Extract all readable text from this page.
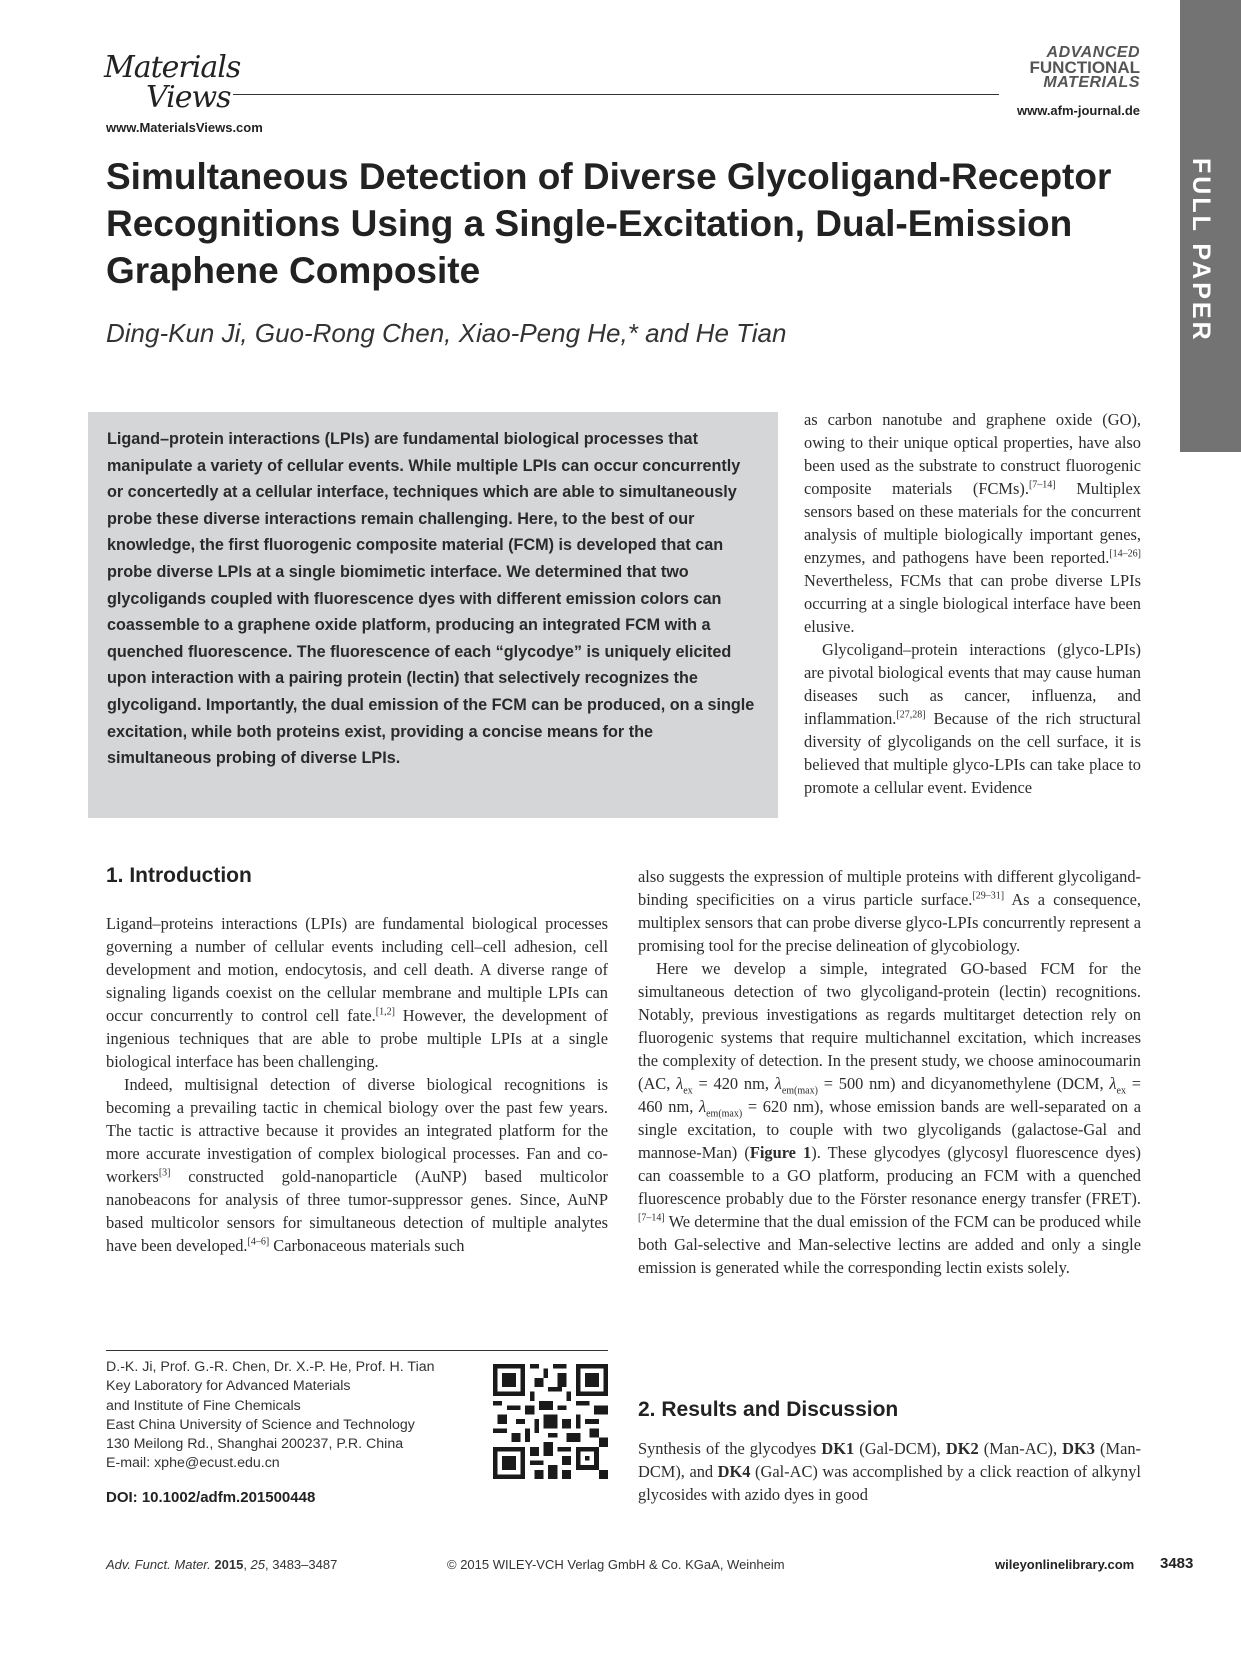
Materials
Views
www.MaterialsViews.com
ADVANCED
FUNCTIONAL
MATERIALS
www.afm-journal.de
FULL PAPER
Simultaneous Detection of Diverse Glycoligand-Receptor Recognitions Using a Single-Excitation, Dual-Emission Graphene Composite
Ding-Kun Ji, Guo-Rong Chen, Xiao-Peng He,* and He Tian
Ligand–protein interactions (LPIs) are fundamental biological processes that manipulate a variety of cellular events. While multiple LPIs can occur concurrently or concertedly at a cellular interface, techniques which are able to simultaneously probe these diverse interactions remain challenging. Here, to the best of our knowledge, the first fluorogenic composite material (FCM) is developed that can probe diverse LPIs at a single biomimetic interface. We determined that two glycoligands coupled with fluorescence dyes with different emission colors can coassemble to a graphene oxide platform, producing an integrated FCM with a quenched fluorescence. The fluorescence of each “glycodye” is uniquely elicited upon interaction with a pairing protein (lectin) that selectively recognizes the glycoligand. Importantly, the dual emission of the FCM can be produced, on a single excitation, while both proteins exist, providing a concise means for the simultaneous probing of diverse LPIs.

as carbon nanotube and graphene oxide (GO), owing to their unique optical properties, have also been used as the substrate to construct fluorogenic composite materials (FCMs).[7–14] Multiplex sensors based on these materials for the concurrent analysis of multiple biologically important genes, enzymes, and pathogens have been reported.[14–26] Nevertheless, FCMs that can probe diverse LPIs occurring at a single biological interface have been elusive.

Glycoligand–protein interactions (glyco-LPIs) are pivotal biological events that may cause human diseases such as cancer, influenza, and inflammation.[27,28] Because of the rich structural diversity of glycoligands on the cell surface, it is believed that multiple glyco-LPIs can take place to promote a cellular event. Evidence

also suggests the expression of multiple proteins with different glycoligand-binding specificities on a virus particle surface.[29–31] As a consequence, multiplex sensors that can probe diverse glyco-LPIs concurrently represent a promising tool for the precise delineation of glycobiology.

Here we develop a simple, integrated GO-based FCM for the simultaneous detection of two glycoligand-protein (lectin) recognitions. Notably, previous investigations as regards multitarget detection rely on fluorogenic systems that require multichannel excitation, which increases the complexity of detection. In the present study, we choose aminocoumarin (AC, $\lambda_{ex} = 420$ nm, $\lambda_{em(max)} = 500$ nm) and dicyanomethylene (DCM, $\lambda_{ex} = 460$ nm, $\lambda_{em(max)} = 620$ nm), whose emission bands are well-separated on a single excitation, to couple with two glycoligands (galactose-Gal and mannose-Man) (Figure 1). These glycodyes (glycosyl fluorescence dyes) can coassemble to a GO platform, producing an FCM with a quenched fluorescence probably due to the Förster resonance energy transfer (FRET).[7–14] We determine that the dual emission of the FCM can be produced while both Gal-selective and Man-selective lectins are added and only a single emission is generated while the corresponding lectin exists solely.

1. Introduction

Ligand–proteins interactions (LPIs) are fundamental biological processes governing a number of cellular events including cell–cell adhesion, cell development and motion, endocytosis, and cell death. A diverse range of signaling ligands coexist on the cellular membrane and multiple LPIs can occur concurrently to control cell fate.[1,2] However, the development of ingenious techniques that are able to probe multiple LPIs at a single biological interface has been challenging.

Indeed, multisignal detection of diverse biological recognitions is becoming a prevailing tactic in chemical biology over the past few years. The tactic is attractive because it provides an integrated platform for the more accurate investigation of complex biological processes. Fan and co-workers[3] constructed gold-nanoparticle (AuNP) based multicolor nanobeacons for analysis of three tumor-suppressor genes. Since, AuNP based multicolor sensors for simultaneous detection of multiple analytes have been developed.[4–6] Carbonaceous materials such

2. Results and Discussion

Synthesis of the glycodyes DK1 (Gal-DCM), DK2 (Man-AC), DK3 (Man-DCM), and DK4 (Gal-AC) was accomplished by a click reaction of alkynyl glycosides with azido dyes in good

D.-K. Ji, Prof. G.-R. Chen, Dr. X.-P. He, Prof. H. Tian
Key Laboratory for Advanced Materials
and Institute of Fine Chemicals
East China University of Science and Technology
130 Meilong Rd., Shanghai 200237, P.R. China
E-mail: xphe@ecust.edu.cn
DOI: 10.1002/adfm.201500448
Adv. Funct. Mater. 2015, 25, 3483–3487	© 2015 WILEY-VCH Verlag GmbH & Co. KGaA, Weinheim	wileyonlinelibrary.com 3483
